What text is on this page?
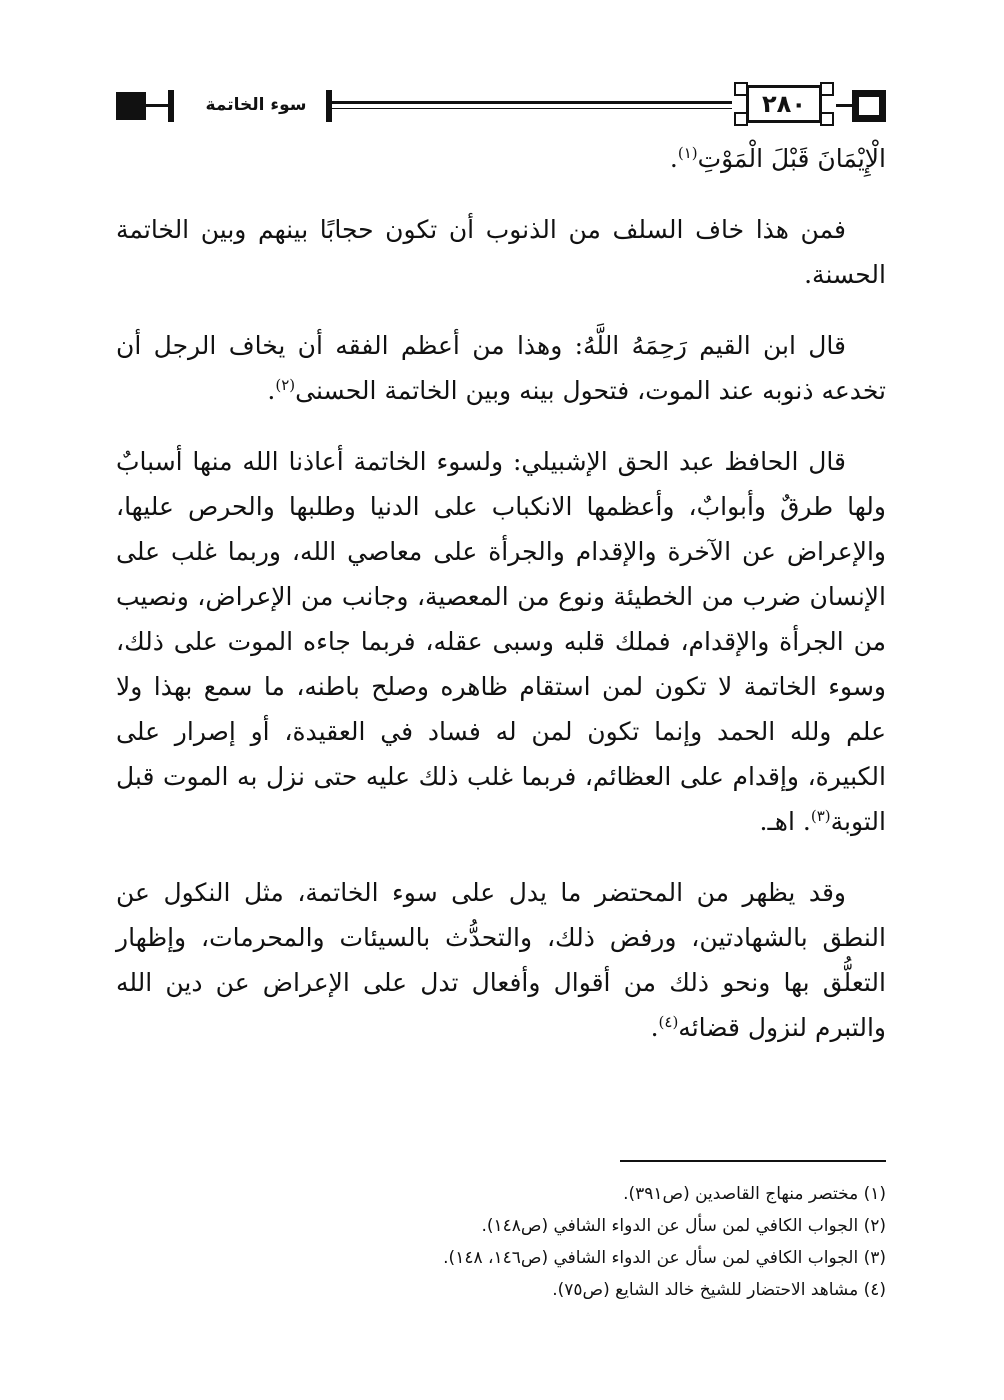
سوء الخاتمة	٢٨٠

الْإِيْمَانَ قَبْلَ الْمَوْتِ$^{(١)}$.

فمن هذا خاف السلف من الذنوب أن تكون حجابًا بينهم وبين الخاتمة الحسنة.

قال ابن القيم رَحِمَهُ اللَّهُ: وهذا من أعظم الفقه أن يخاف الرجل أن تخدعه ذنوبه عند الموت، فتحول بينه وبين الخاتمة الحسنى$^{(٢)}$.

قال الحافظ عبد الحق الإشبيلي: ولسوء الخاتمة أعاذنا الله منها أسبابٌ ولها طرقٌ وأبوابٌ، وأعظمها الانكباب على الدنيا وطلبها والحرص عليها، والإعراض عن الآخرة والإقدام والجرأة على معاصي الله، وربما غلب على الإنسان ضرب من الخطيئة ونوع من المعصية، وجانب من الإعراض، ونصيب من الجرأة والإقدام، فملك قلبه وسبى عقله، فربما جاءه الموت على ذلك، وسوء الخاتمة لا تكون لمن استقام ظاهره وصلح باطنه، ما سمع بهذا ولا علم ولله الحمد وإنما تكون لمن له فساد في العقيدة، أو إصرار على الكبيرة، وإقدام على العظائم، فربما غلب ذلك عليه حتى نزل به الموت قبل التوبة$^{(٣)}$. اهـ.

وقد يظهر من المحتضر ما يدل على سوء الخاتمة، مثل النكول عن النطق بالشهادتين، ورفض ذلك، والتحدُّث بالسيئات والمحرمات، وإظهار التعلُّق بها ونحو ذلك من أقوال وأفعال تدل على الإعراض عن دين الله والتبرم لنزول قضائه$^{(٤)}$.

(١) مختصر منهاج القاصدين (ص٣٩١).

(٢) الجواب الكافي لمن سأل عن الدواء الشافي (ص١٤٨).

(٣) الجواب الكافي لمن سأل عن الدواء الشافي (ص١٤٦، ١٤٨).

(٤) مشاهد الاحتضار للشيخ خالد الشايع (ص٧٥).
